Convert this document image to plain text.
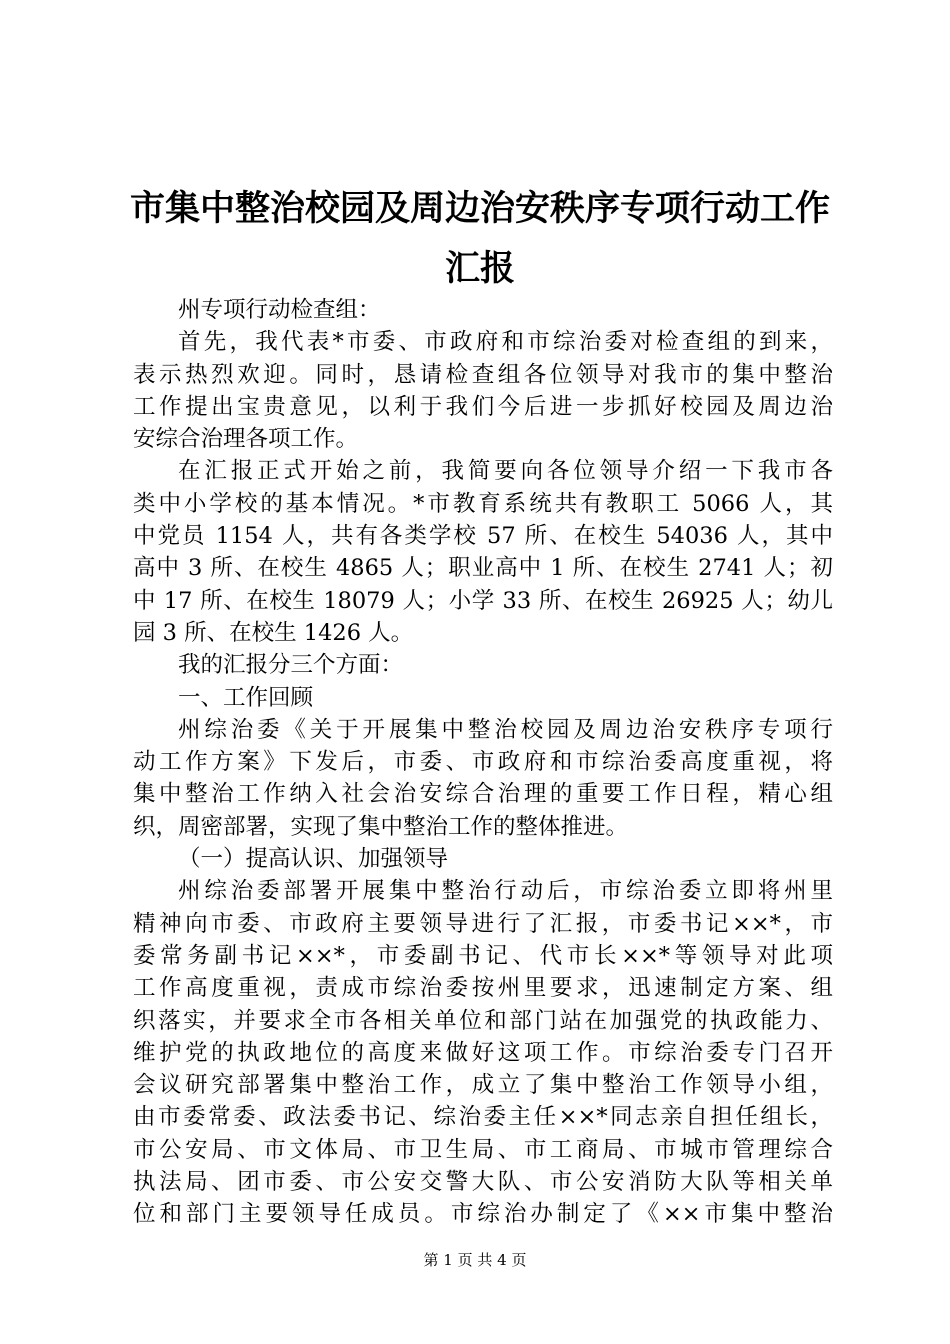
市集中整治校园及周边治安秩序专项行动工作
汇报
州专项行动检查组：
首先，我代表*市委、市政府和市综治委对检查组的到来，
表示热烈欢迎。同时，恳请检查组各位领导对我市的集中整治
工作提出宝贵意见，以利于我们今后进一步抓好校园及周边治
安综合治理各项工作。
在汇报正式开始之前，我简要向各位领导介绍一下我市各
类中小学校的基本情况。*市教育系统共有教职工 5066 人，其
中党员 1154 人，共有各类学校 57 所、在校生 54036 人，其中
高中 3 所、在校生 4865 人；职业高中 1 所、在校生 2741 人；初
中 17 所、在校生 18079 人；小学 33 所、在校生 26925 人；幼儿
园 3 所、在校生 1426 人。
我的汇报分三个方面：
一、工作回顾
州综治委《关于开展集中整治校园及周边治安秩序专项行
动工作方案》下发后，市委、市政府和市综治委高度重视，将
集中整治工作纳入社会治安综合治理的重要工作日程，精心组
织，周密部署，实现了集中整治工作的整体推进。
（一）提高认识、加强领导
州综治委部署开展集中整治行动后，市综治委立即将州里
精神向市委、市政府主要领导进行了汇报，市委书记××*，市
委常务副书记××*，市委副书记、代市长××*等领导对此项
工作高度重视，责成市综治委按州里要求，迅速制定方案、组
织落实，并要求全市各相关单位和部门站在加强党的执政能力、
维护党的执政地位的高度来做好这项工作。市综治委专门召开
会议研究部署集中整治工作，成立了集中整治工作领导小组，
由市委常委、政法委书记、综治委主任××*同志亲自担任组长，
市公安局、市文体局、市卫生局、市工商局、市城市管理综合
执法局、团市委、市公安交警大队、市公安消防大队等相关单
位和部门主要领导任成员。市综治办制定了《××市集中整治
第 1 页 共 4 页
